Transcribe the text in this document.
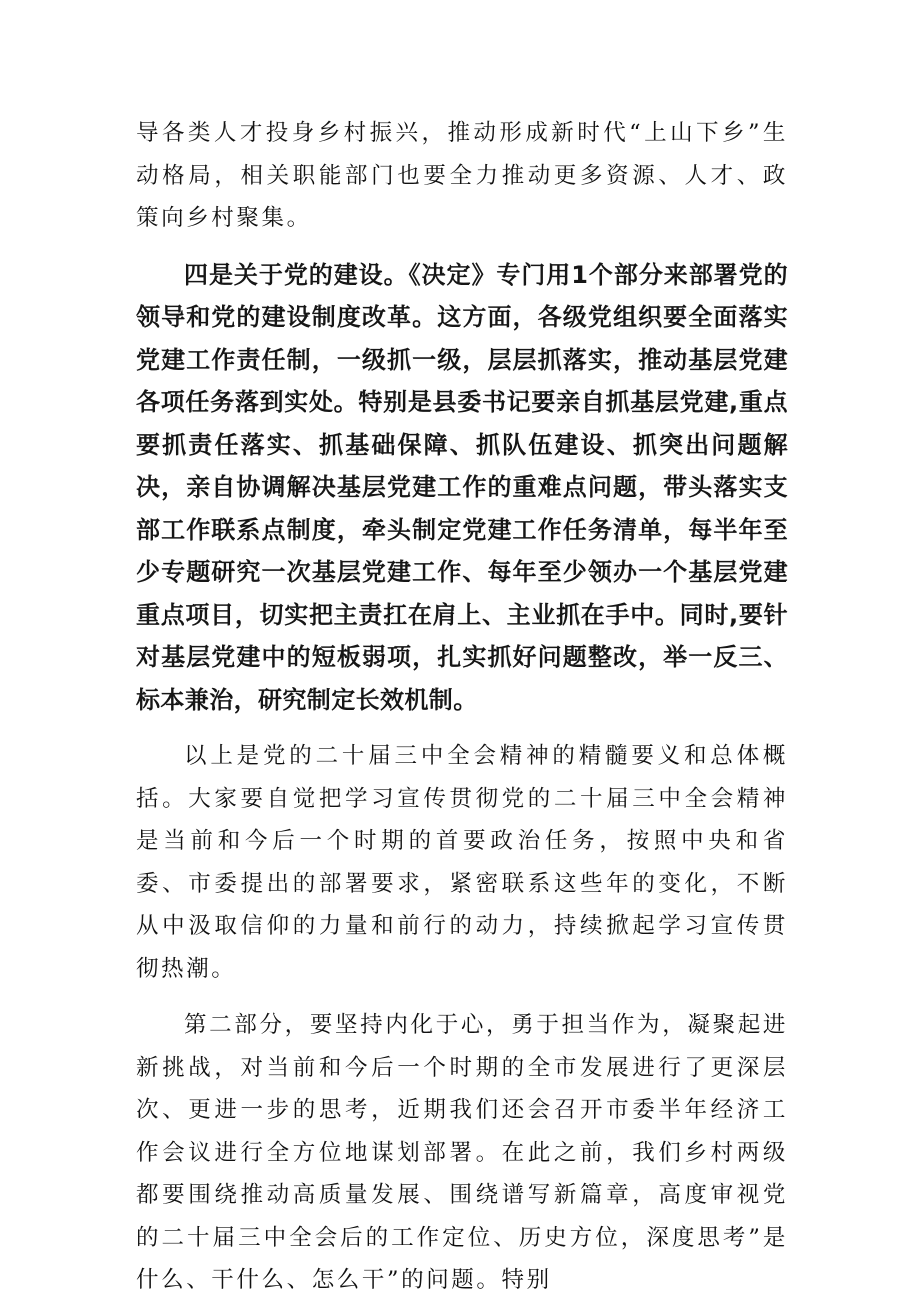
导各类人才投身乡村振兴，推动形成新时代“上山下乡”生动格局，相关职能部门也要全力推动更多资源、人才、政策向乡村聚集。

四是关于党的建设。《决定》专门用1个部分来部署党的领导和党的建设制度改革。这方面，各级党组织要全面落实党建工作责任制，一级抓一级，层层抓落实，推动基层党建各项任务落到实处。特别是县委书记要亲自抓基层党建,重点要抓责任落实、抓基础保障、抓队伍建设、抓突出问题解决，亲自协调解决基层党建工作的重难点问题，带头落实支部工作联系点制度，牵头制定党建工作任务清单，每半年至少专题研究一次基层党建工作、每年至少领办一个基层党建重点项目，切实把主责扛在肩上、主业抓在手中。同时,要针对基层党建中的短板弱项，扎实抓好问题整改，举一反三、标本兼治，研究制定长效机制。

以上是党的二十届三中全会精神的精髓要义和总体概括。大家要自觉把学习宣传贯彻党的二十届三中全会精神是当前和今后一个时期的首要政治任务，按照中央和省委、市委提出的部署要求，紧密联系这些年的变化，不断从中汲取信仰的力量和前行的动力，持续掀起学习宣传贯彻热潮。

第二部分，要坚持内化于心，勇于担当作为，凝聚起进新挑战，对当前和今后一个时期的全市发展进行了更深层次、更进一步的思考，近期我们还会召开市委半年经济工作会议进行全方位地谋划部署。在此之前，我们乡村两级都要围绕推动高质量发展、围绕谱写新篇章，高度审视党的二十届三中全会后的工作定位、历史方位，深度思考”是什么、干什么、怎么干”的问题。特别
